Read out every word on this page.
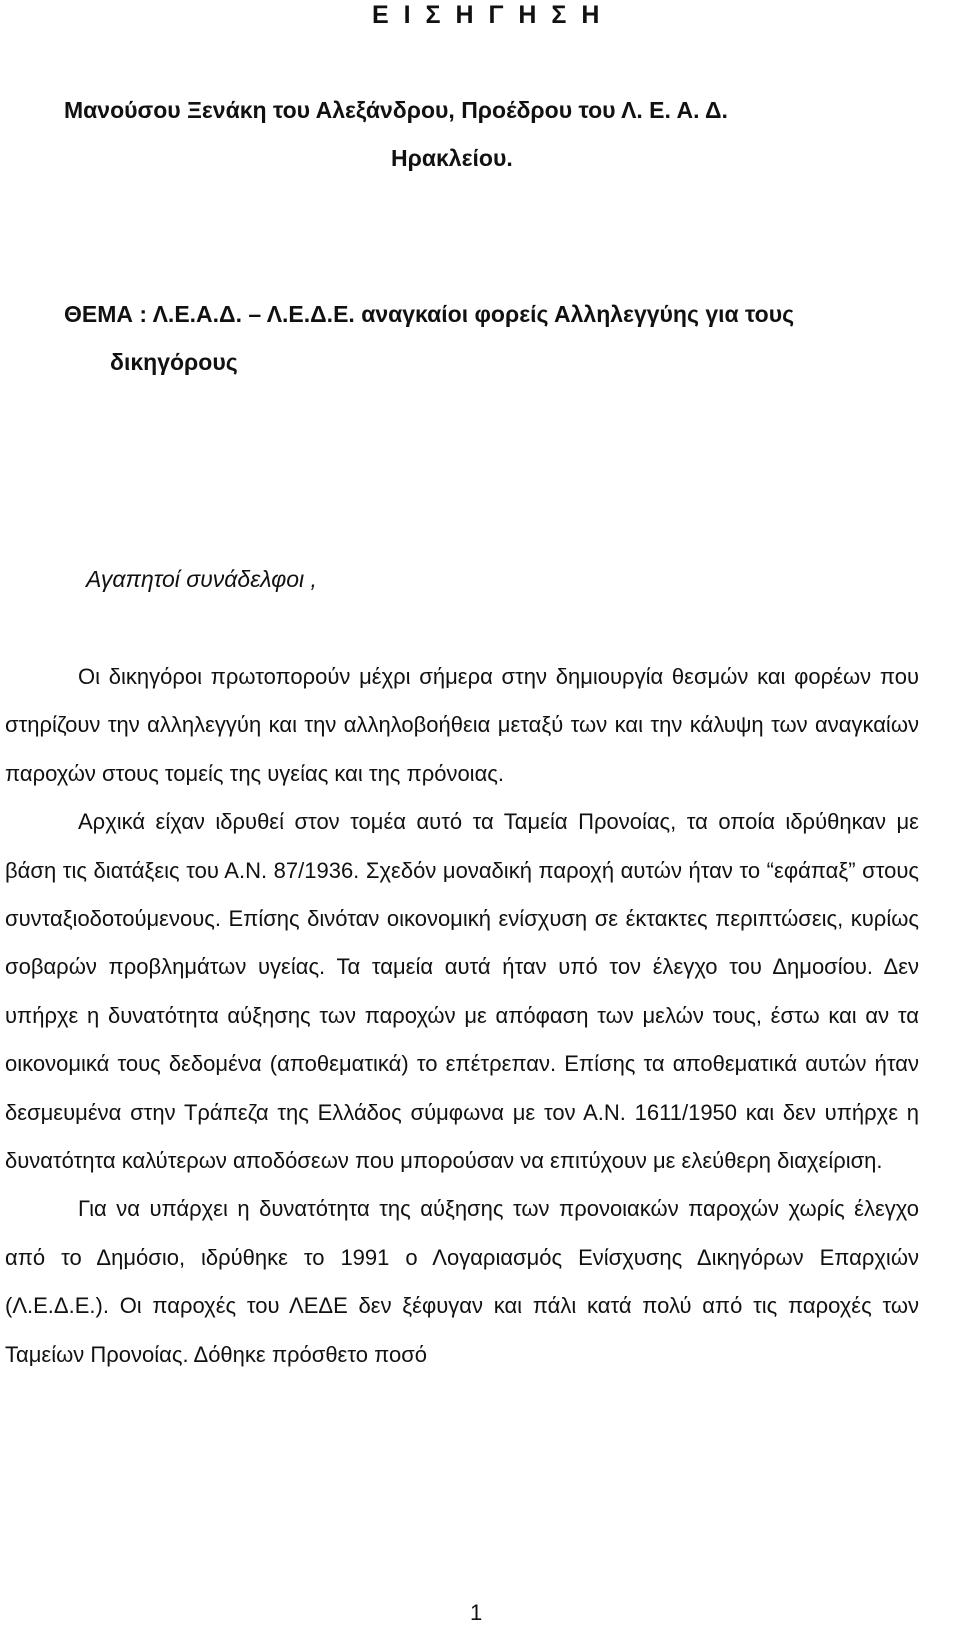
Ε Ι Σ Η Γ Η Σ Η
Μανούσου Ξενάκη του Αλεξάνδρου, Προέδρου του Λ. Ε. Α. Δ.
Ηρακλείου.
ΘΕΜΑ : Λ.Ε.Α.Δ. – Λ.Ε.Δ.Ε. αναγκαίοι φορείς Αλληλεγγύης για τους
δικηγόρους
Αγαπητοί συνάδελφοι ,

Οι δικηγόροι πρωτοπορούν μέχρι σήμερα στην δημιουργία θεσμών και φορέων που στηρίζουν την αλληλεγγύη και την αλληλοβοήθεια μεταξύ των και την κάλυψη των αναγκαίων παροχών στους τομείς της υγείας και της πρόνοιας.

Αρχικά είχαν ιδρυθεί στον τομέα αυτό τα Ταμεία Προνοίας, τα οποία ιδρύθηκαν με βάση τις διατάξεις του Α.Ν. 87/1936. Σχεδόν μοναδική παροχή αυτών ήταν το “εφάπαξ” στους συνταξιοδοτούμενους. Επίσης δινόταν οικονομική ενίσχυση σε έκτακτες περιπτώσεις, κυρίως σοβαρών προβλημάτων υγείας. Τα ταμεία αυτά ήταν υπό τον έλεγχο του Δημοσίου. Δεν υπήρχε η δυνατότητα αύξησης των παροχών με απόφαση των μελών τους, έστω και αν τα οικονομικά τους δεδομένα (αποθεματικά) το επέτρεπαν. Επίσης τα αποθεματικά αυτών ήταν δεσμευμένα στην Τράπεζα της Ελλάδος σύμφωνα με τον Α.Ν. 1611/1950 και δεν υπήρχε η δυνατότητα καλύτερων αποδόσεων που μπορούσαν να επιτύχουν με ελεύθερη διαχείριση.

Για να υπάρχει η δυνατότητα της αύξησης των προνοιακών παροχών χωρίς έλεγχο από το Δημόσιο, ιδρύθηκε το 1991 ο Λογαριασμός Ενίσχυσης Δικηγόρων Επαρχιών (Λ.Ε.Δ.Ε.). Οι παροχές του ΛΕΔΕ δεν ξέφυγαν και πάλι κατά πολύ από τις παροχές των Ταμείων Προνοίας. Δόθηκε πρόσθετο ποσό

1
